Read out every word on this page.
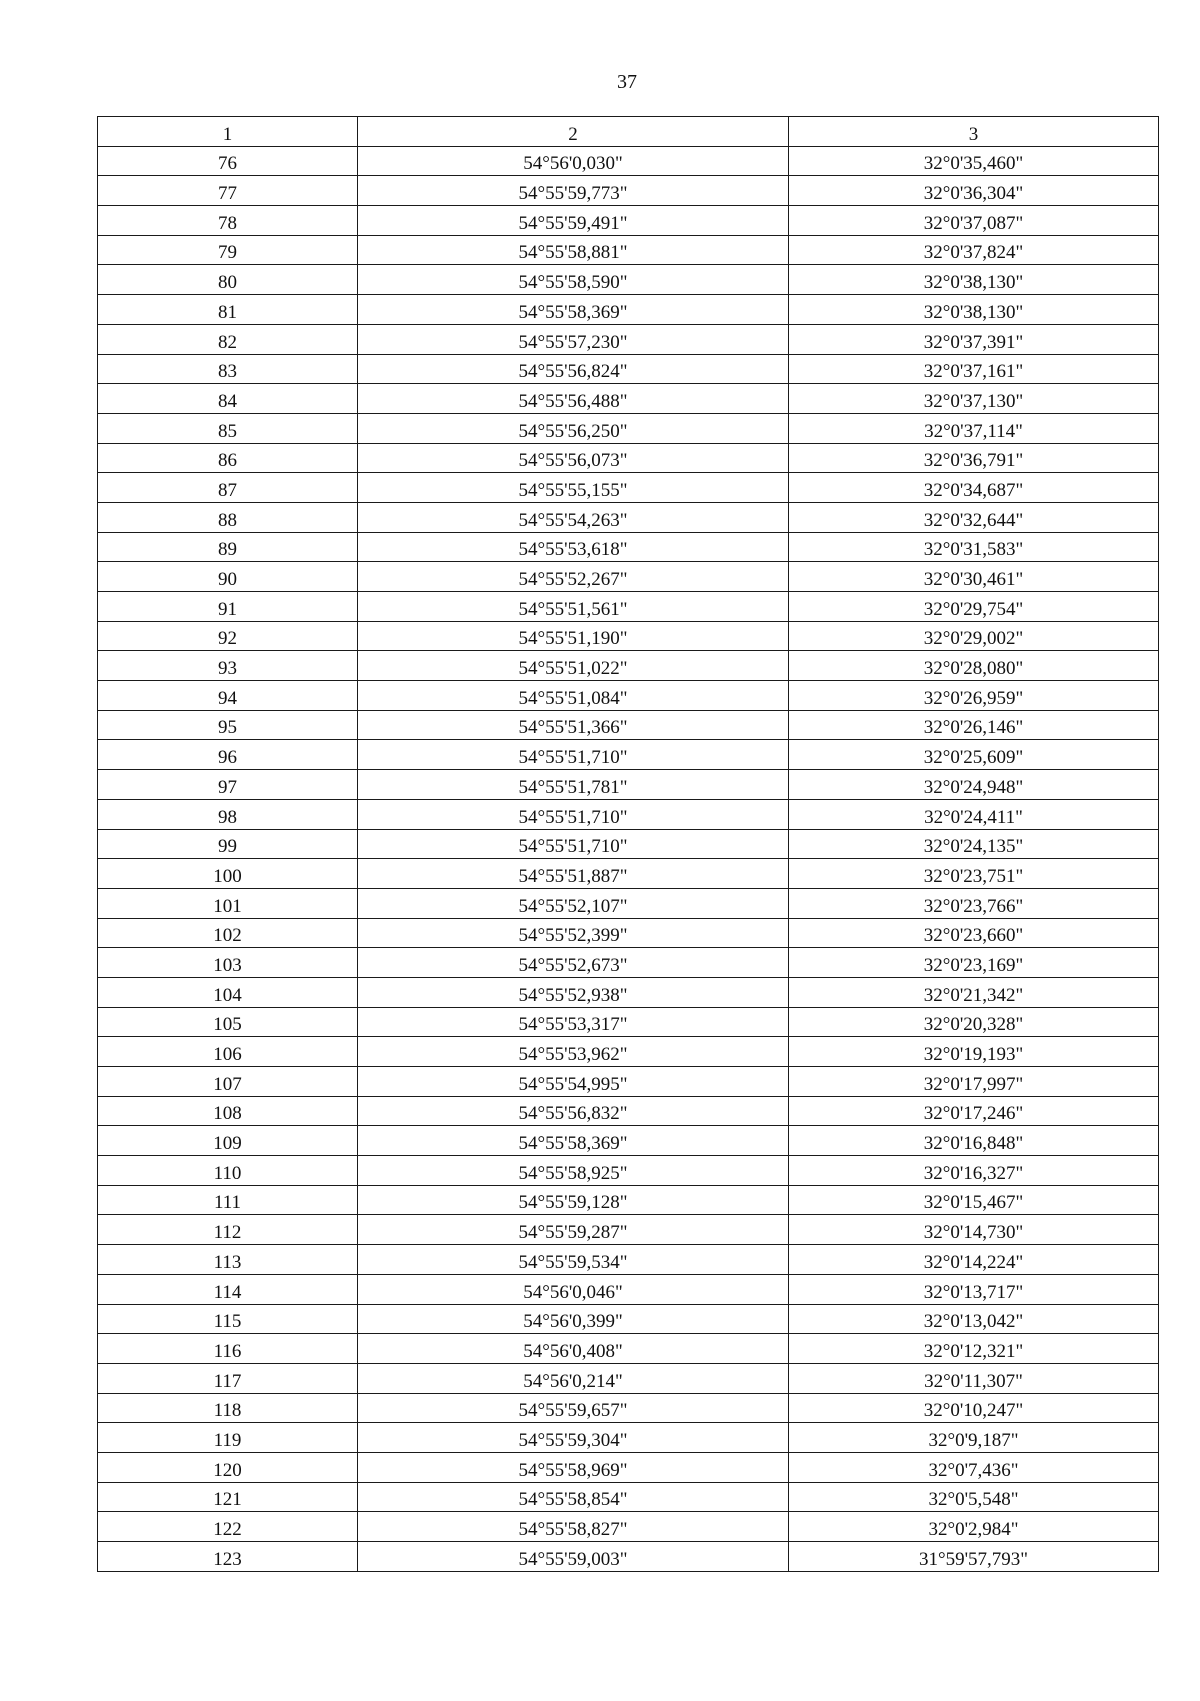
37
1	2	3
76	54°56'0,030"	32°0'35,460"
77	54°55'59,773"	32°0'36,304"
78	54°55'59,491"	32°0'37,087"
79	54°55'58,881"	32°0'37,824"
80	54°55'58,590"	32°0'38,130"
81	54°55'58,369"	32°0'38,130"
82	54°55'57,230"	32°0'37,391"
83	54°55'56,824"	32°0'37,161"
84	54°55'56,488"	32°0'37,130"
85	54°55'56,250"	32°0'37,114"
86	54°55'56,073"	32°0'36,791"
87	54°55'55,155"	32°0'34,687"
88	54°55'54,263"	32°0'32,644"
89	54°55'53,618"	32°0'31,583"
90	54°55'52,267"	32°0'30,461"
91	54°55'51,561"	32°0'29,754"
92	54°55'51,190"	32°0'29,002"
93	54°55'51,022"	32°0'28,080"
94	54°55'51,084"	32°0'26,959"
95	54°55'51,366"	32°0'26,146"
96	54°55'51,710"	32°0'25,609"
97	54°55'51,781"	32°0'24,948"
98	54°55'51,710"	32°0'24,411"
99	54°55'51,710"	32°0'24,135"
100	54°55'51,887"	32°0'23,751"
101	54°55'52,107"	32°0'23,766"
102	54°55'52,399"	32°0'23,660"
103	54°55'52,673"	32°0'23,169"
104	54°55'52,938"	32°0'21,342"
105	54°55'53,317"	32°0'20,328"
106	54°55'53,962"	32°0'19,193"
107	54°55'54,995"	32°0'17,997"
108	54°55'56,832"	32°0'17,246"
109	54°55'58,369"	32°0'16,848"
110	54°55'58,925"	32°0'16,327"
111	54°55'59,128"	32°0'15,467"
112	54°55'59,287"	32°0'14,730"
113	54°55'59,534"	32°0'14,224"
114	54°56'0,046"	32°0'13,717"
115	54°56'0,399"	32°0'13,042"
116	54°56'0,408"	32°0'12,321"
117	54°56'0,214"	32°0'11,307"
118	54°55'59,657"	32°0'10,247"
119	54°55'59,304"	32°0'9,187"
120	54°55'58,969"	32°0'7,436"
121	54°55'58,854"	32°0'5,548"
122	54°55'58,827"	32°0'2,984"
123	54°55'59,003"	31°59'57,793"
